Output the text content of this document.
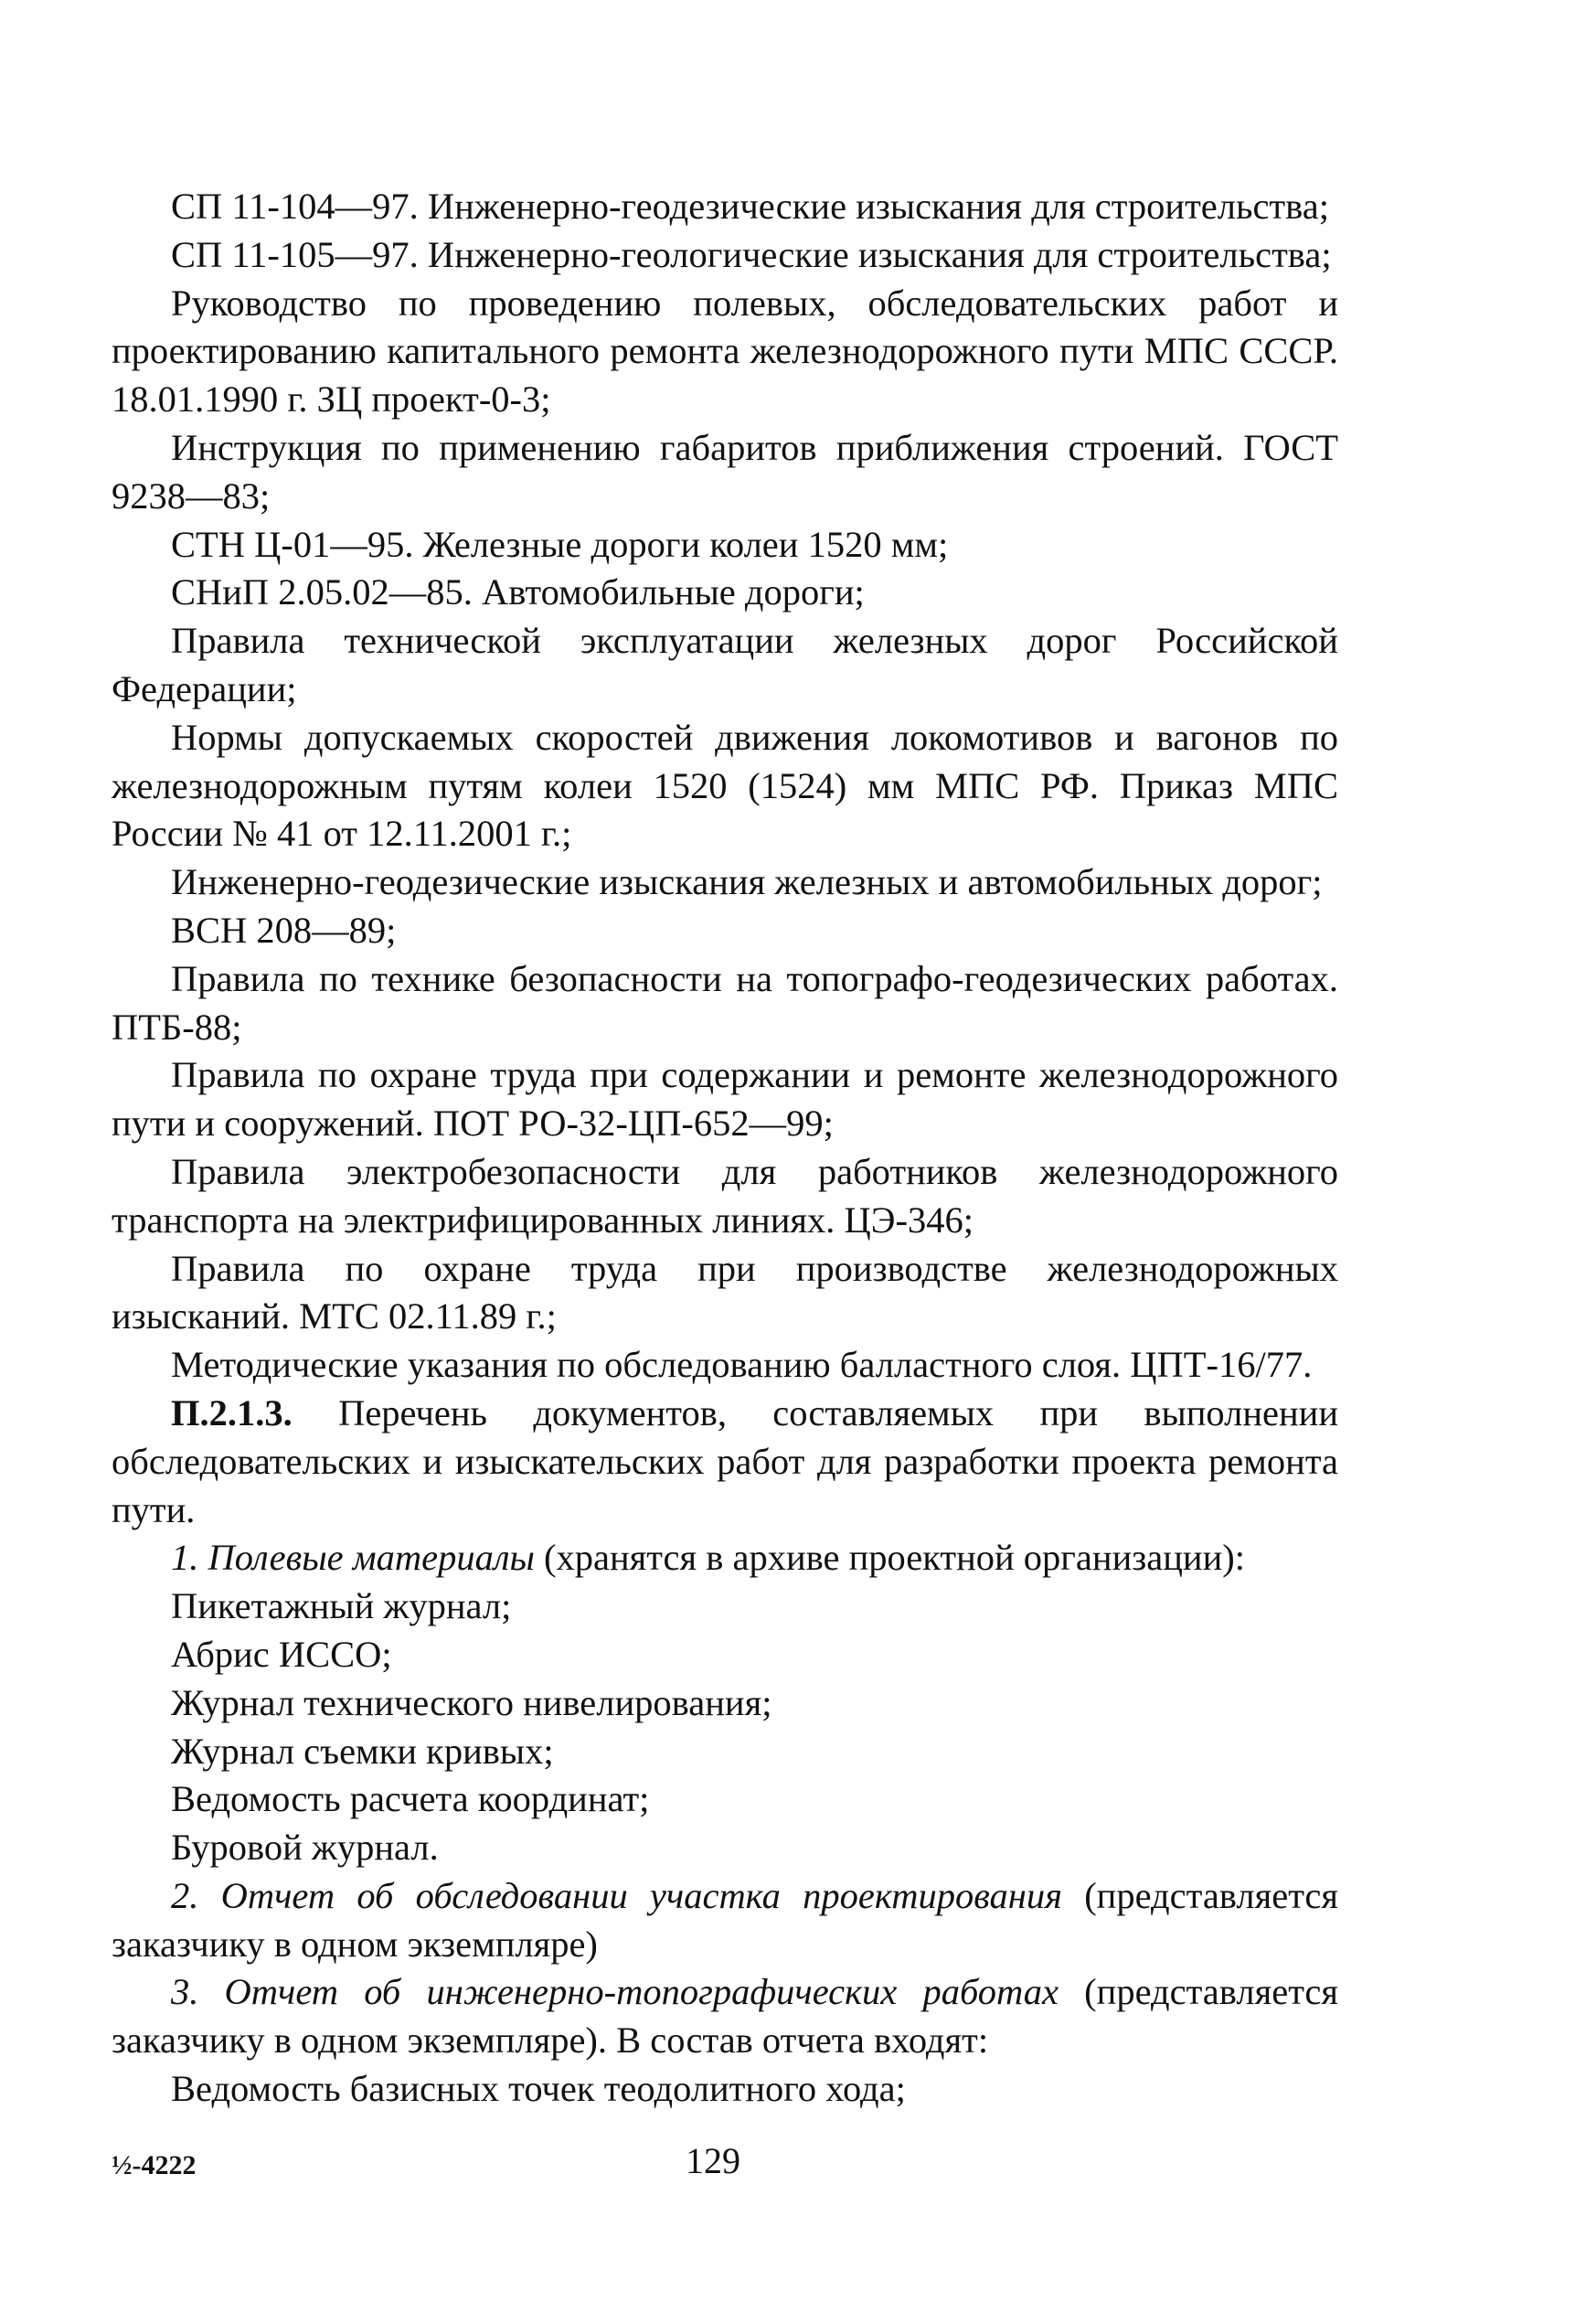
СП 11-104—97. Инженерно-геодезические изыскания для строительства;

СП 11-105—97. Инженерно-геологические изыскания для строительства;

Руководство по проведению полевых, обследовательских работ и проектированию капитального ремонта железнодорожного пути МПС СССР. 18.01.1990 г. ЗЦ проект-0-3;

Инструкция по применению габаритов приближения строений. ГОСТ 9238—83;

СТН Ц-01—95. Железные дороги колеи 1520 мм;

СНиП 2.05.02—85. Автомобильные дороги;

Правила технической эксплуатации железных дорог Российской Федерации;

Нормы допускаемых скоростей движения локомотивов и вагонов по железнодорожным путям колеи 1520 (1524) мм МПС РФ. Приказ МПС России № 41 от 12.11.2001 г.;

Инженерно-геодезические изыскания железных и автомобильных дорог;

ВСН 208—89;

Правила по технике безопасности на топографо-геодезических работах. ПТБ-88;

Правила по охране труда при содержании и ремонте железнодорожного пути и сооружений. ПОТ РО-32-ЦП-652—99;

Правила электробезопасности для работников железнодорожного транспорта на электрифицированных линиях. ЦЭ-346;

Правила по охране труда при производстве железнодорожных изысканий. МТС 02.11.89 г.;

Методические указания по обследованию балластного слоя. ЦПТ-16/77.

П.2.1.3. Перечень документов, составляемых при выполнении обследовательских и изыскательских работ для разработки проекта ремонта пути.

1. Полевые материалы (хранятся в архиве проектной организации):

Пикетажный журнал;

Абрис ИССО;

Журнал технического нивелирования;

Журнал съемки кривых;

Ведомость расчета координат;

Буровой журнал.

2. Отчет об обследовании участка проектирования (представляется заказчику в одном экземпляре)

3. Отчет об инженерно-топографических работах (представляется заказчику в одном экземпляре). В состав отчета входят:

Ведомость базисных точек теодолитного хода;

½-4222	129
